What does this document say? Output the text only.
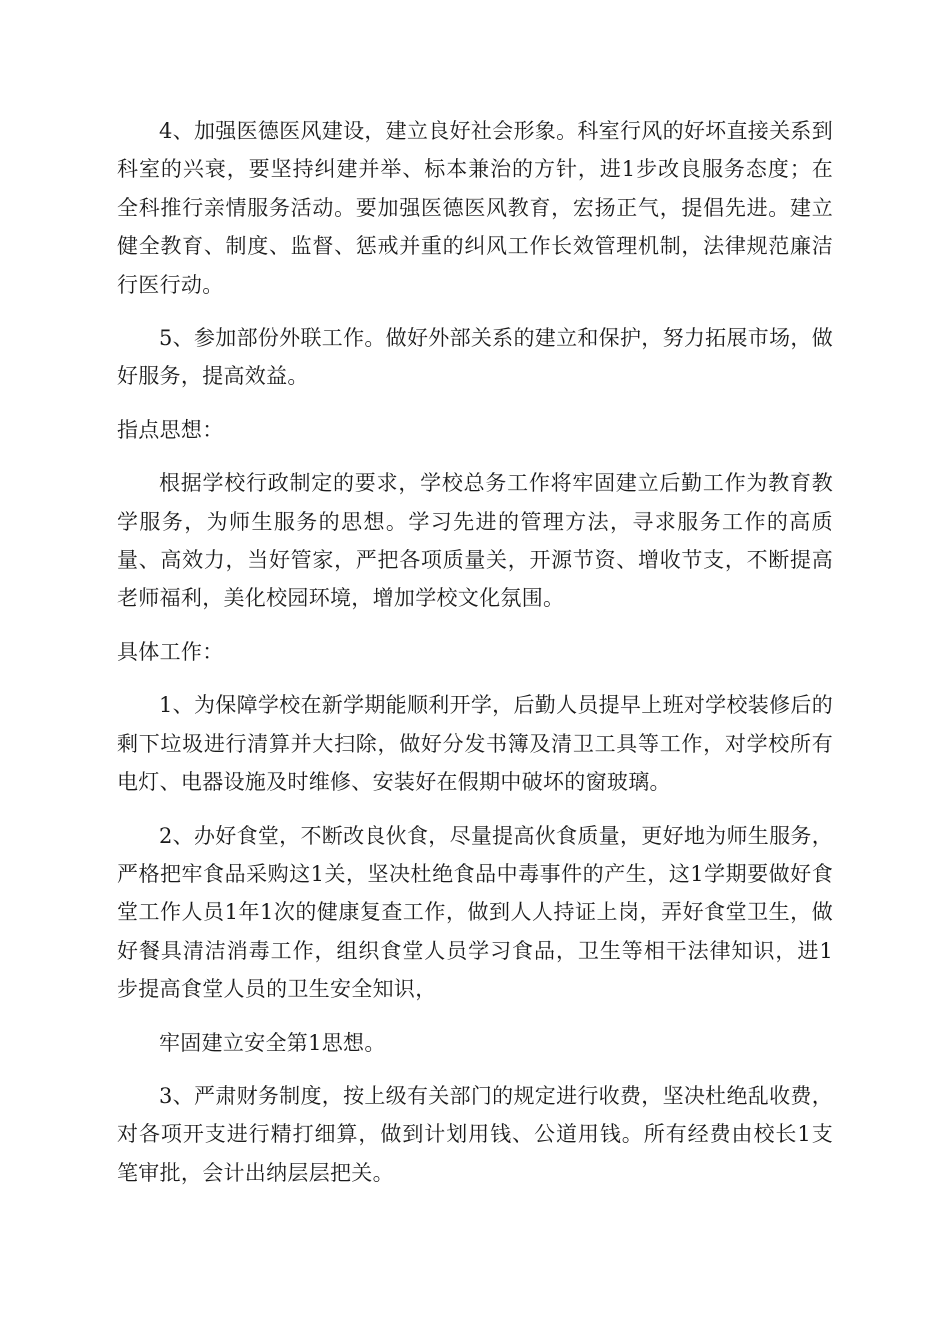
4、加强医德医风建设，建立良好社会形象。科室行风的好坏直接关系到科室的兴衰，要坚持纠建并举、标本兼治的方针，进1步改良服务态度；在全科推行亲情服务活动。要加强医德医风教育，宏扬正气，提倡先进。建立健全教育、制度、监督、惩戒并重的纠风工作长效管理机制，法律规范廉洁行医行动。

5、参加部份外联工作。做好外部关系的建立和保护，努力拓展市场，做好服务，提高效益。

指点思想：

根据学校行政制定的要求，学校总务工作将牢固建立后勤工作为教育教学服务，为师生服务的思想。学习先进的管理方法，寻求服务工作的高质量、高效力，当好管家，严把各项质量关，开源节资、增收节支，不断提高老师福利，美化校园环境，增加学校文化氛围。

具体工作：

1、为保障学校在新学期能顺利开学，后勤人员提早上班对学校装修后的剩下垃圾进行清算并大扫除，做好分发书簿及清卫工具等工作，对学校所有电灯、电器设施及时维修、安装好在假期中破坏的窗玻璃。

2、办好食堂，不断改良伙食，尽量提高伙食质量，更好地为师生服务，严格把牢食品采购这1关，坚决杜绝食品中毒事件的产生，这1学期要做好食堂工作人员1年1次的健康复查工作，做到人人持证上岗，弄好食堂卫生，做好餐具清洁消毒工作，组织食堂人员学习食品，卫生等相干法律知识，进1步提高食堂人员的卫生安全知识，

牢固建立安全第1思想。

3、严肃财务制度，按上级有关部门的规定进行收费，坚决杜绝乱收费，对各项开支进行精打细算，做到计划用钱、公道用钱。所有经费由校长1支笔审批，会计出纳层层把关。
